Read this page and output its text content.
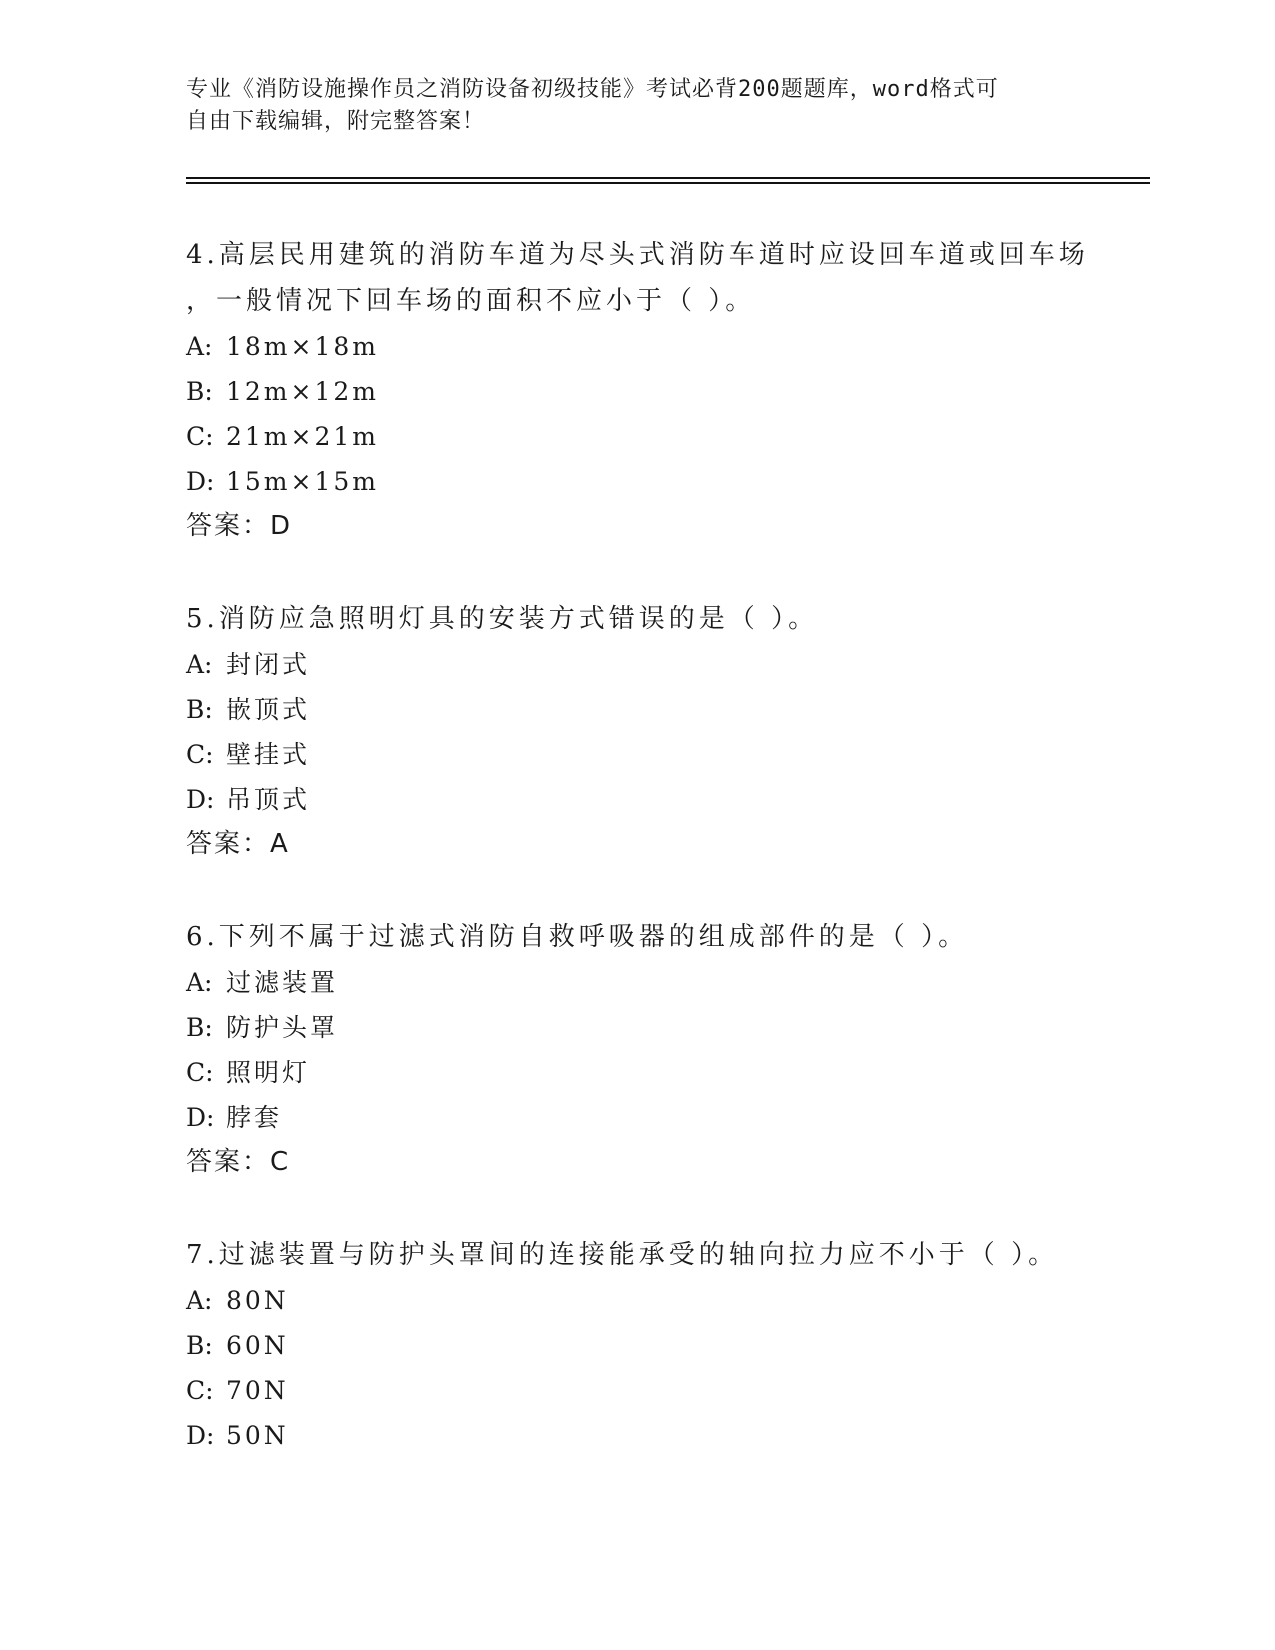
专业《消防设施操作员之消防设备初级技能》考试必背200题题库，word格式可
自由下载编辑，附完整答案！
4.高层民用建筑的消防车道为尽头式消防车道时应设回车道或回车场
，一般情况下回车场的面积不应小于（ ）。
A: 18m×18m
B: 12m×12m
C: 21m×21m
D: 15m×15m
答案：D
5.消防应急照明灯具的安装方式错误的是（ ）。
A: 封闭式
B: 嵌顶式
C: 壁挂式
D: 吊顶式
答案：A
6.下列不属于过滤式消防自救呼吸器的组成部件的是（ ）。
A: 过滤装置
B: 防护头罩
C: 照明灯
D: 脖套
答案：C
7.过滤装置与防护头罩间的连接能承受的轴向拉力应不小于（ ）。
A: 80N
B: 60N
C: 70N
D: 50N
